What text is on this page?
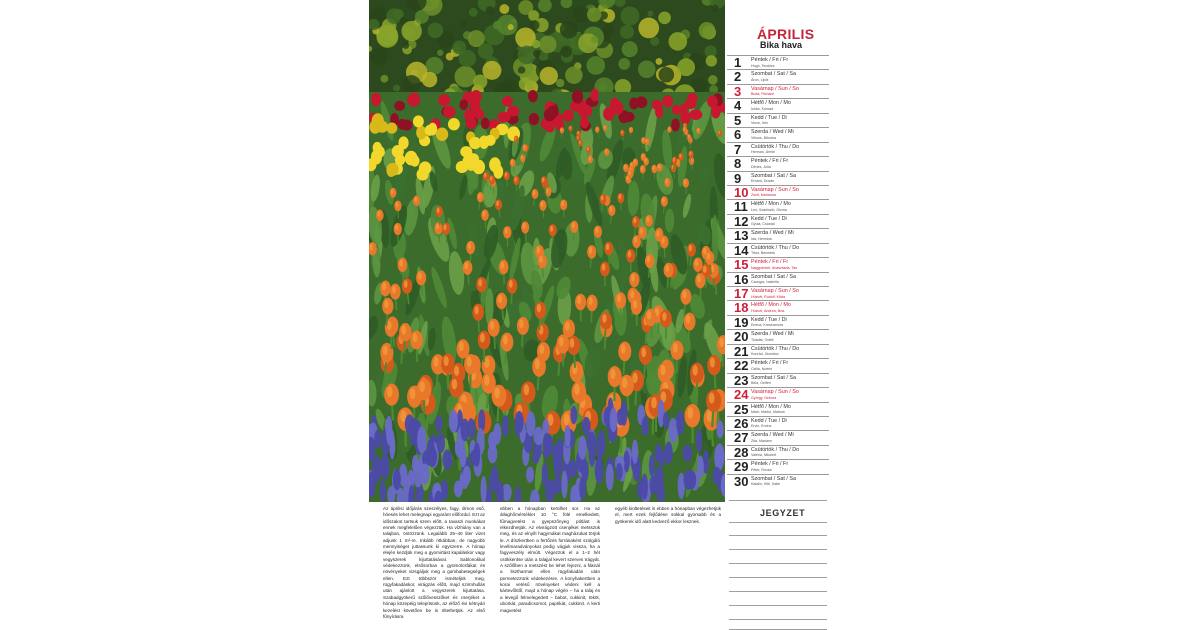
ÁPRILIS
Bika hava
1	Péntek / Fri / Fr
Hugó, Teodóra
2	Szombat / Sat / Sa
Áron, Lipót
3	Vasárnap / Sun / So
Buda, Richárd
4	Hétfő / Mon / Mo
Izidor, Konrad
5	Kedd / Tue / Di
Vince, Irén
6	Szerda / Wed / Mi
Vilmos, Bíborka
7	Csütörtök / Thu / Do
Herman, Ármin
8	Péntek / Fri / Fr
Dénes, Júlia
9	Szombat / Sat / Sa
Erhard, Dusán
10 Vasárnap / Sun / So
Zsolt, Marianna
11 Hétfő / Mon / Mo
Leó, Szaniszló, Gizma
12 Kedd / Tue / Di
Gyula, Csanád
13 Szerda / Wed / Mi
Ida, Hermina
14 Csütörtök / Thu / Do
Tibor, Benedek
15 Péntek / Fri / Fr
Nagypéntek, Anasztázia, Tas
16 Szombat / Sat / Sa
Csongor, Izabella
17 Vasárnap / Sun / So
Húsvét, Rudolf, Klára
18 Hétfő / Mon / Mo
Húsvét, Andrea, Ilma
19 Kedd / Tue / Di
Emma, Kreszcencia
20 Szerda / Wed / Mi
Tivadar, Odett
21 Csütörtök / Thu / Do
Konrád, Zsombor
22 Péntek / Fri / Fr
Csilla, Noémi
23 Szombat / Sat / Sa
Béla, Gellért
24 Vasárnap / Sun / So
György, Debóra
25 Hétfő / Mon / Mo
Márk, Márkó, Márkus
26 Kedd / Tue / Di
Ervin, Ervina
27 Szerda / Wed / Mi
Zita, Mariann
28 Csütörtök / Thu / Do
Valéria, Nikolett
29 Péntek / Fri / Fr
Péter, Roxán
30 Szombat / Sat / Sa
Katalin, Kitti, Katie
JEGYZET
Az áprilisi időjárás szeszélyes, fagy, ólmos eső, hóesés lehet melegnapi egyaránt előfordul. Ezt az időszakot tartsuk szem előtt, a tavaszi munkákat ennek megfelelően végezzük. Ha vízhiány van a talajban, öntözzünk. Legalább 25–40 liter vizet adjunk 1 m²-re. Inkább ritkábban, de nagyobb mennyiséget juttassunk ki egyszerre. A hónap elején kezdjük meg a gyomirtást kapáláskor vagy vegyszerek kijuttatásával. Sablonokkal védekezzünk, elsősorban a gyümölcsfákat és növényeket vizsgáljuk meg a gombabetegségek ellen. Ezt többször ismételjük meg, rügyfakadáskor, virágzás előtt, majd szirmhullás után ajánlott a vegyszerek kijuttatása. Szabadgyökerű szőlővesszőket és cserjéket a hónap közepéig telepítsünk, az előző évi kétnyári kezelést követően be is öltethetjük. Az első fűnyírásra
ebben a hónapban kerülhet sor. Ha az átlaghőmérséklet 10 °C fölé emelkedett, fűmagvetést a gyepszőnyeg pótlást is elkezdhetjük. Az elvirágzott csenjéket metsszük meg, és az elnyílt hagymákat magházukat törjük le. A díszkertben a fertőzés forrásaként szolgáló levélmaradványokat pedig vágjuk vissza, ha a fagyveszély elmúlt. Végezzük el a 1–2 hét csökkentse után a talajjal kevert szerves trágyát. A szőlőben a metszést be lehet fejezni, a fáknál a lisztharmat ellen rügyfakadás után permetezzünk védekezésre. A konyhakertben a korai vetésű növényeket védeni kell a kártevőktől, majd a hónap végén – ha a talaj és a levegő felmelegedett – babot, cukkinit, tököt, uborkát, paradicsomot, paprikát, cukkinit. A kerti magvetést
egyéb kiültetéseit is ebben a hónapban végezhetjük el, mert ezek fejlődése sokkal gyorsabb és a gyökerek idő alatt kedvező ekkor lesznek.
